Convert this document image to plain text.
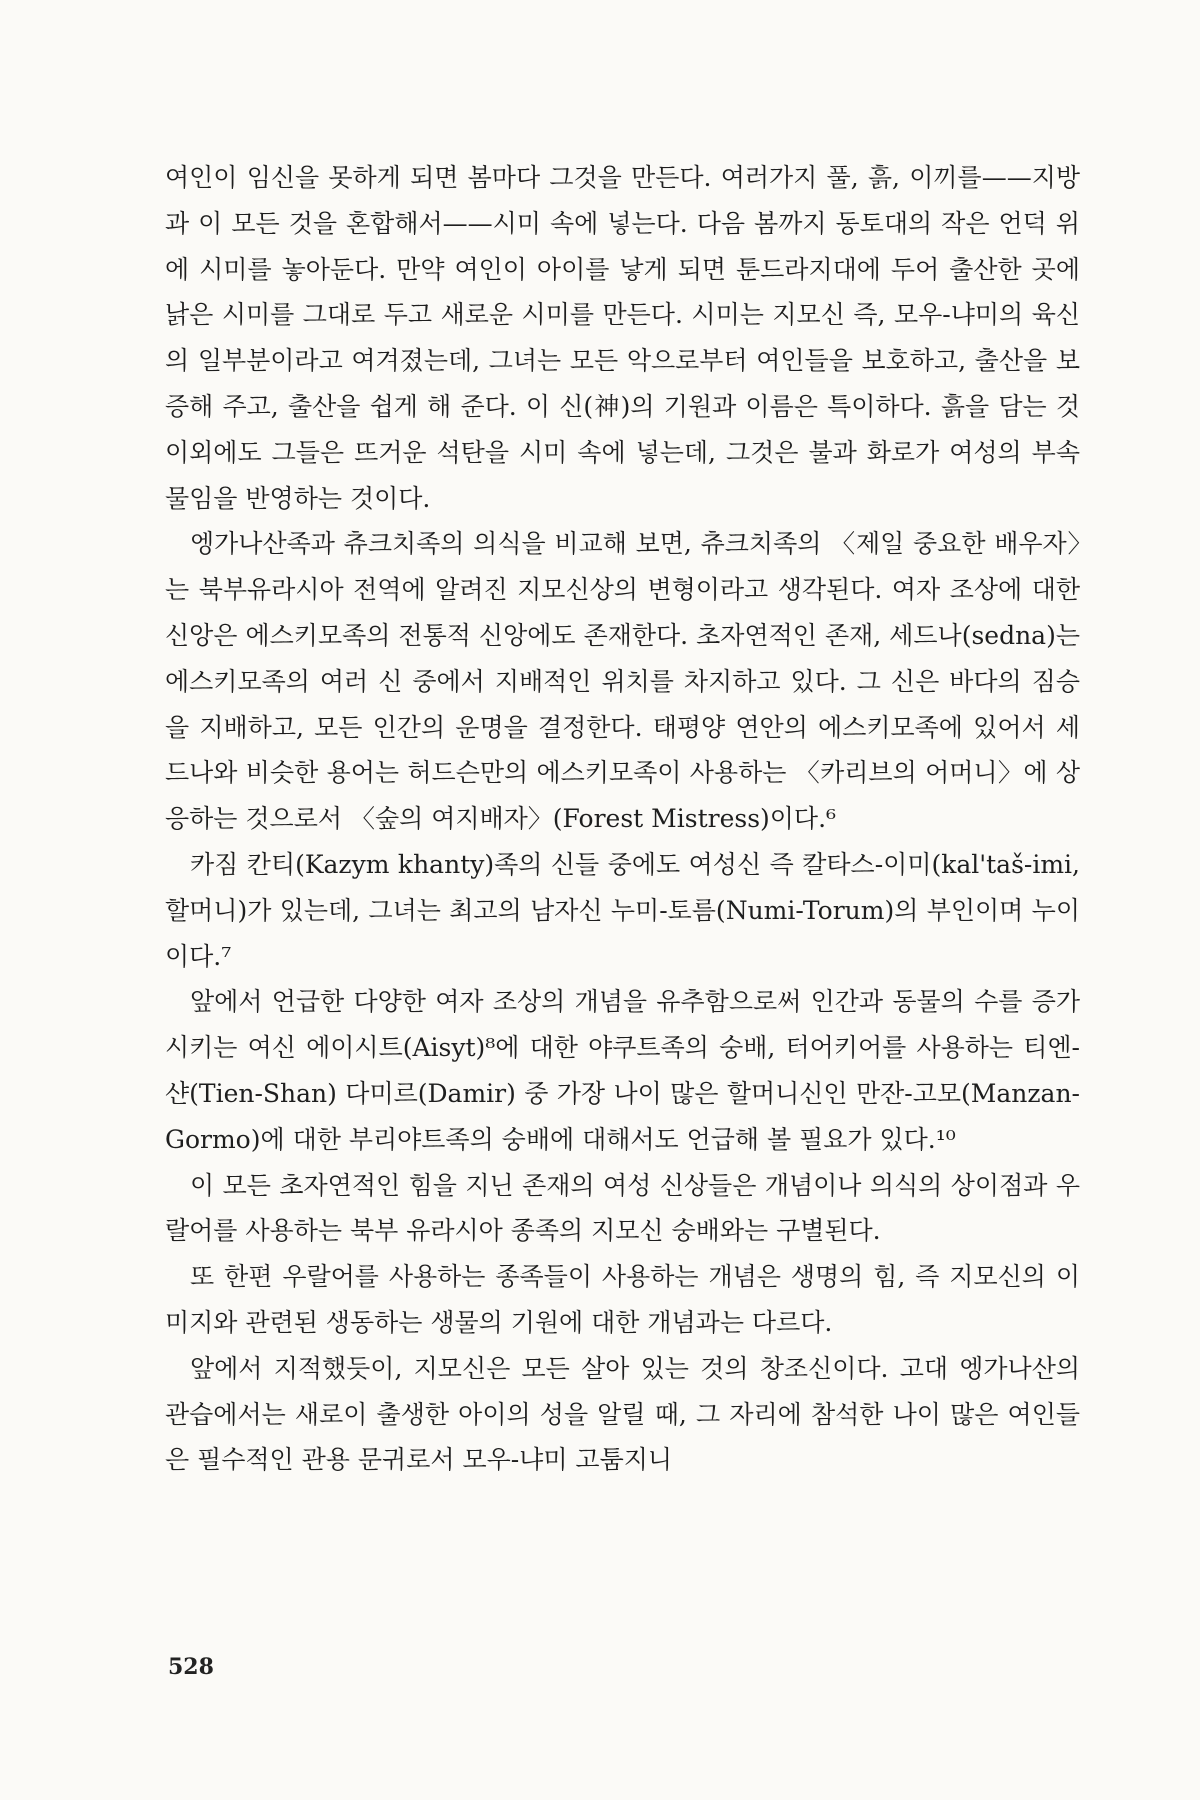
여인이 임신을 못하게 되면 봄마다 그것을 만든다. 여러가지 풀, 흙, 이끼를——지방과 이 모든 것을 혼합해서——시미 속에 넣는다. 다음 봄까지 동토대의 작은 언덕 위에 시미를 놓아둔다. 만약 여인이 아이를 낳게 되면 툰드라지대에 두어 출산한 곳에 낡은 시미를 그대로 두고 새로운 시미를 만든다. 시미는 지모신 즉, 모우-냐미의 육신의 일부분이라고 여겨졌는데, 그녀는 모든 악으로부터 여인들을 보호하고, 출산을 보증해 주고, 출산을 쉽게 해 준다. 이 신(神)의 기원과 이름은 특이하다. 흙을 담는 것 이외에도 그들은 뜨거운 석탄을 시미 속에 넣는데, 그것은 불과 화로가 여성의 부속물임을 반영하는 것이다.

엥가나산족과 츄크치족의 의식을 비교해 보면, 츄크치족의 〈제일 중요한 배우자〉는 북부유라시아 전역에 알려진 지모신상의 변형이라고 생각된다. 여자 조상에 대한 신앙은 에스키모족의 전통적 신앙에도 존재한다. 초자연적인 존재, 세드나(sedna)는 에스키모족의 여러 신 중에서 지배적인 위치를 차지하고 있다. 그 신은 바다의 짐승을 지배하고, 모든 인간의 운명을 결정한다. 태평양 연안의 에스키모족에 있어서 세드나와 비슷한 용어는 허드슨만의 에스키모족이 사용하는 〈카리브의 어머니〉에 상응하는 것으로서 〈숲의 여지배자〉(Forest Mistress)이다.⁶

카짐 칸티(Kazym khanty)족의 신들 중에도 여성신 즉 칼타스-이미(kal'taš-imi, 할머니)가 있는데, 그녀는 최고의 남자신 누미-토름(Numi-Torum)의 부인이며 누이이다.⁷

앞에서 언급한 다양한 여자 조상의 개념을 유추함으로써 인간과 동물의 수를 증가시키는 여신 에이시트(Aisyt)⁸에 대한 야쿠트족의 숭배, 터어키어를 사용하는 티엔-샨(Tien-Shan) 다미르(Damir) 중 가장 나이 많은 할머니신인 만잔-고모(Manzan-Gormo)에 대한 부리야트족의 숭배에 대해서도 언급해 볼 필요가 있다.¹⁰

이 모든 초자연적인 힘을 지닌 존재의 여성 신상들은 개념이나 의식의 상이점과 우랄어를 사용하는 북부 유라시아 종족의 지모신 숭배와는 구별된다.

또 한편 우랄어를 사용하는 종족들이 사용하는 개념은 생명의 힘, 즉 지모신의 이미지와 관련된 생동하는 생물의 기원에 대한 개념과는 다르다.

앞에서 지적했듯이, 지모신은 모든 살아 있는 것의 창조신이다. 고대 엥가나산의 관습에서는 새로이 출생한 아이의 성을 알릴 때, 그 자리에 참석한 나이 많은 여인들은 필수적인 관용 문귀로서 모우-냐미 고툼지니

528
